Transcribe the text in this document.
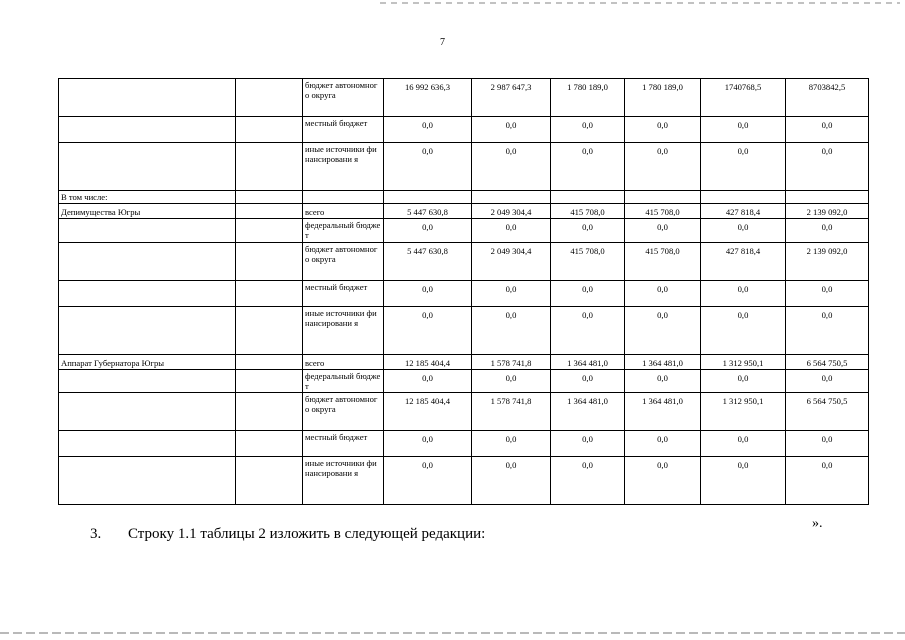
7
		бюджет автономного округа	16 992 636,3	2 987 647,3	1 780 189,0	1 780 189,0	1740768,5	8703842,5
		местный бюджет	0,0	0,0	0,0	0,0	0,0	0,0
		иные источники финансировани я	0,0	0,0	0,0	0,0	0,0	0,0
В том числе:								
Депимущества Югры		всего	5 447 630,8	2 049 304,4	415 708,0	415 708,0	427 818,4	2 139 092,0
		федеральный бюджет	0,0	0,0	0,0	0,0	0,0	0,0
		бюджет автономного округа	5 447 630,8	2 049 304,4	415 708,0	415 708,0	427 818,4	2 139 092,0
		местный бюджет	0,0	0,0	0,0	0,0	0,0	0,0
		иные источники финансировани я	0,0	0,0	0,0	0,0	0,0	0,0
Аппарат Губернатора Югры		всего	12 185 404,4	1 578 741,8	1 364 481,0	1 364 481,0	1 312 950,1	6 564 750,5
		федеральный бюджет	0,0	0,0	0,0	0,0	0,0	0,0
		бюджет автономного округа	12 185 404,4	1 578 741,8	1 364 481,0	1 364 481,0	1 312 950,1	6 564 750,5
		местный бюджет	0,0	0,0	0,0	0,0	0,0	0,0
		иные источники финансировани я	0,0	0,0	0,0	0,0	0,0	0,0
».
3. Строку 1.1 таблицы 2 изложить в следующей редакции:
